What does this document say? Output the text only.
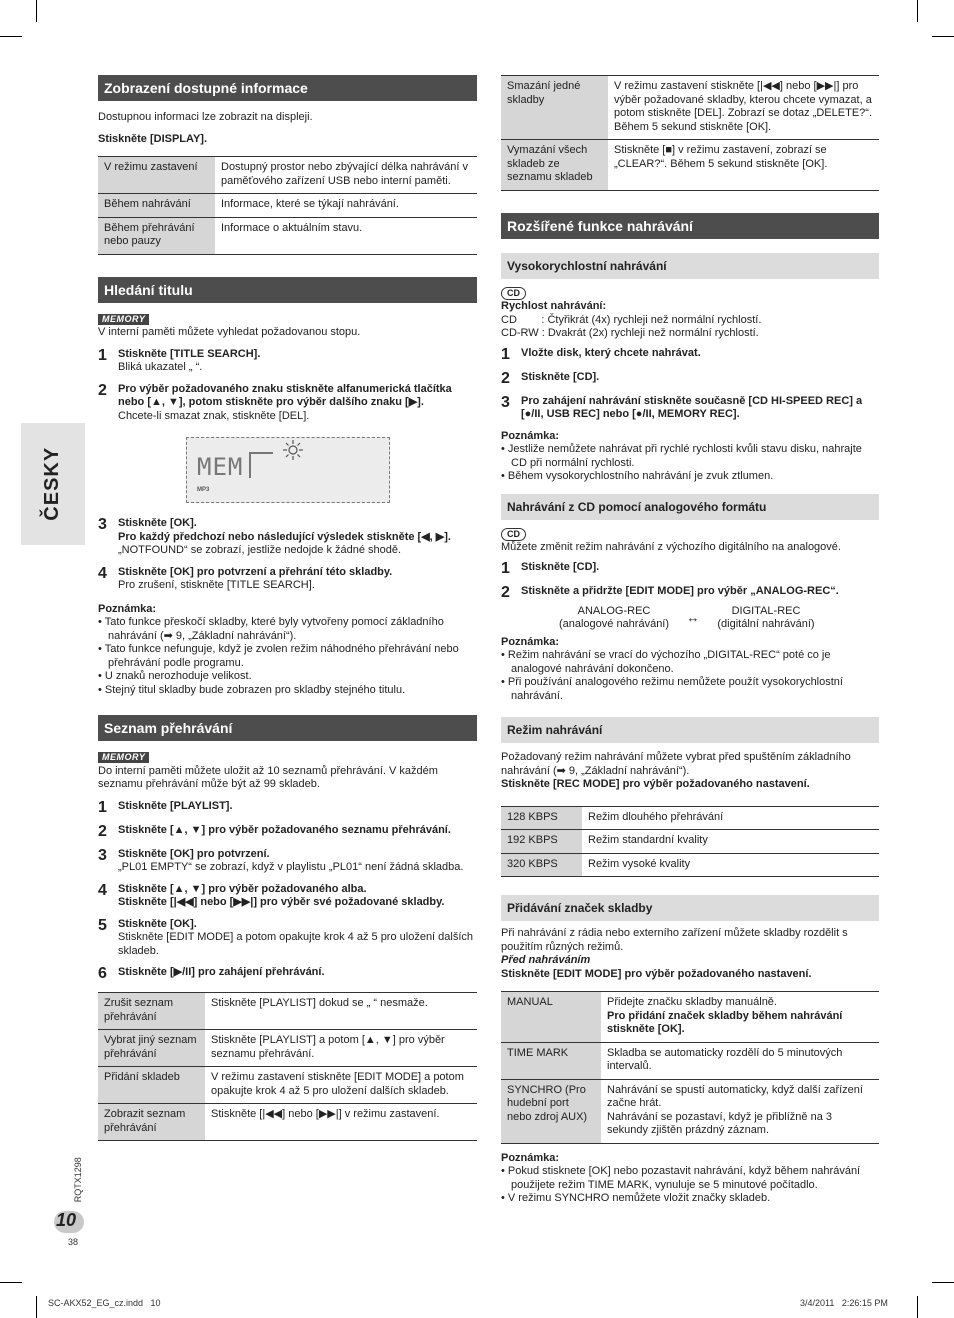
ČESKY
Zobrazení dostupné informace
Dostupnou informaci lze zobrazit na displeji.
Stiskněte [DISPLAY].
V režimu zastavení	Dostupný prostor nebo zbývající délka nahrávání v paměťového zařízení USB nebo interní paměti.
Během nahrávání	Informace, které se týkají nahrávání.
Během přehrávání nebo pauzy	Informace o aktuálním stavu.
Hledání titulu
MEMORY
V interní paměti můžete vyhledat požadovanou stopu.
1	Stiskněte [TITLE SEARCH].
Bliká ukazatel „ “.
2	Pro výběr požadovaného znaku stiskněte alfanumerická tlačítka nebo [▲, ▼], potom stiskněte pro výběr dalšího znaku [▶].
Chcete-li smazat znak, stiskněte [DEL].
MEM
MP3
3	Stiskněte [OK].
Pro každý předchozí nebo následující výsledek stiskněte [◀, ▶].
„NOTFOUND“ se zobrazí, jestliže nedojde k žádné shodě.
4	Stiskněte [OK] pro potvrzení a přehrání této skladby.
Pro zrušení, stiskněte [TITLE SEARCH].
Poznámka:
• Tato funkce přeskočí skladby, které byly vytvořeny pomocí základního nahrávání (➡ 9, „Základní nahrávání“).
• Tato funkce nefunguje, když je zvolen režim náhodného přehrávání nebo přehrávání podle programu.
• U znaků nerozhoduje velikost.
• Stejný titul skladby bude zobrazen pro skladby stejného titulu.
Seznam přehrávání
MEMORY
Do interní paměti můžete uložit až 10 seznamů přehrávání. V každém seznamu přehrávání může být až 99 skladeb.
1	Stiskněte [PLAYLIST].
2	Stiskněte [▲, ▼] pro výběr požadovaného seznamu přehrávání.
3	Stiskněte [OK] pro potvrzení.
„PL01 EMPTY“ se zobrazí, když v playlistu „PL01“ není žádná skladba.
4	Stiskněte [▲, ▼] pro výběr požadovaného alba.
Stiskněte [|◀◀] nebo [▶▶|] pro výběr své požadované skladby.
5	Stiskněte [OK].
Stiskněte [EDIT MODE] a potom opakujte krok 4 až 5 pro uložení dalších skladeb.
6	Stiskněte [▶/II] pro zahájení přehrávání.
Zrušit seznam přehrávání	Stiskněte [PLAYLIST] dokud se „ “ nesmaže.
Vybrat jiný seznam přehrávání	Stiskněte [PLAYLIST] a potom [▲, ▼] pro výběr seznamu přehrávání.
Přidání skladeb	V režimu zastavení stiskněte [EDIT MODE] a potom opakujte krok 4 až 5 pro uložení dalších skladeb.
Zobrazit seznam přehrávání	Stiskněte [|◀◀] nebo [▶▶|] v režimu zastavení.
Smazání jedné skladby	V režimu zastavení stiskněte [|◀◀] nebo [▶▶|] pro výběr požadované skladby, kterou chcete vymazat, a potom stiskněte [DEL]. Zobrazí se dotaz „DELETE?“. Během 5 sekund stiskněte [OK].
Vymazání všech skladeb ze seznamu skladeb	Stiskněte [■] v režimu zastavení, zobrazí se „CLEAR?“. Během 5 sekund stiskněte [OK].
Rozšířené funkce nahrávání
Vysokorychlostní nahrávání
CD
Rychlost nahrávání:
CD        : Čtyřikrát (4x) rychleji než normální rychlostí.
CD-RW : Dvakrát (2x) rychleji než normální rychlostí.
1	Vložte disk, který chcete nahrávat.
2	Stiskněte [CD].
3	Pro zahájení nahrávání stiskněte současně [CD HI-SPEED REC] a [●/II, USB REC] nebo [●/II, MEMORY REC].
Poznámka:
• Jestliže nemůžete nahrávat při rychlé rychlosti kvůli stavu disku, nahrajte CD při normální rychlosti.
• Během vysokorychlostního nahrávání je zvuk ztlumen.
Nahrávání z CD pomocí analogového formátu
CD
Můžete změnit režim nahrávání z výchozího digitálního na analogové.
1	Stiskněte [CD].
2	Stiskněte a přidržte [EDIT MODE] pro výběr „ANALOG-REC“.
ANALOG-REC
(analogové nahrávání)	↔	DIGITAL-REC
(digitální nahrávání)
Poznámka:
• Režim nahrávání se vrací do výchozího „DIGITAL-REC“ poté co je analogové nahrávání dokončeno.
• Při používání analogového režimu nemůžete použít vysokorychlostní nahrávání.
Režim nahrávání
Požadovaný režim nahrávání můžete vybrat před spuštěním základního nahrávání (➡ 9, „Základní nahrávání“).
Stiskněte [REC MODE] pro výběr požadovaného nastavení.
128 KBPS	Režim dlouhého přehrávání
192 KBPS	Režim standardní kvality
320 KBPS	Režim vysoké kvality
Přidávání značek skladby
Při nahrávání z rádia nebo externího zařízení můžete skladby rozdělit s použitím různých režimů.
Před nahráváním
Stiskněte [EDIT MODE] pro výběr požadovaného nastavení.
MANUAL	Přidejte značku skladby manuálně.
Pro přidání značek skladby během nahrávání stiskněte [OK].

TIME MARK	Skladba se automaticky rozdělí do 5 minutových intervalů.
SYNCHRO (Pro hudební port nebo zdroj AUX)	Nahrávání se spustí automaticky, když další zařízení začne hrát.
Nahrávání se pozastaví, když je přiblížně na 3 sekundy zjištěn prázdný záznam.
Poznámka:
• Pokud stisknete [OK] nebo pozastavit nahrávání, když během nahrávání použijete režim TIME MARK, vynuluje se 5 minutové počítadlo.
• V režimu SYNCHRO nemůžete vložit značky skladeb.
RQTX1298
10
38
SC-AKX52_EG_cz.indd   10	3/4/2011   2:26:15 PM
